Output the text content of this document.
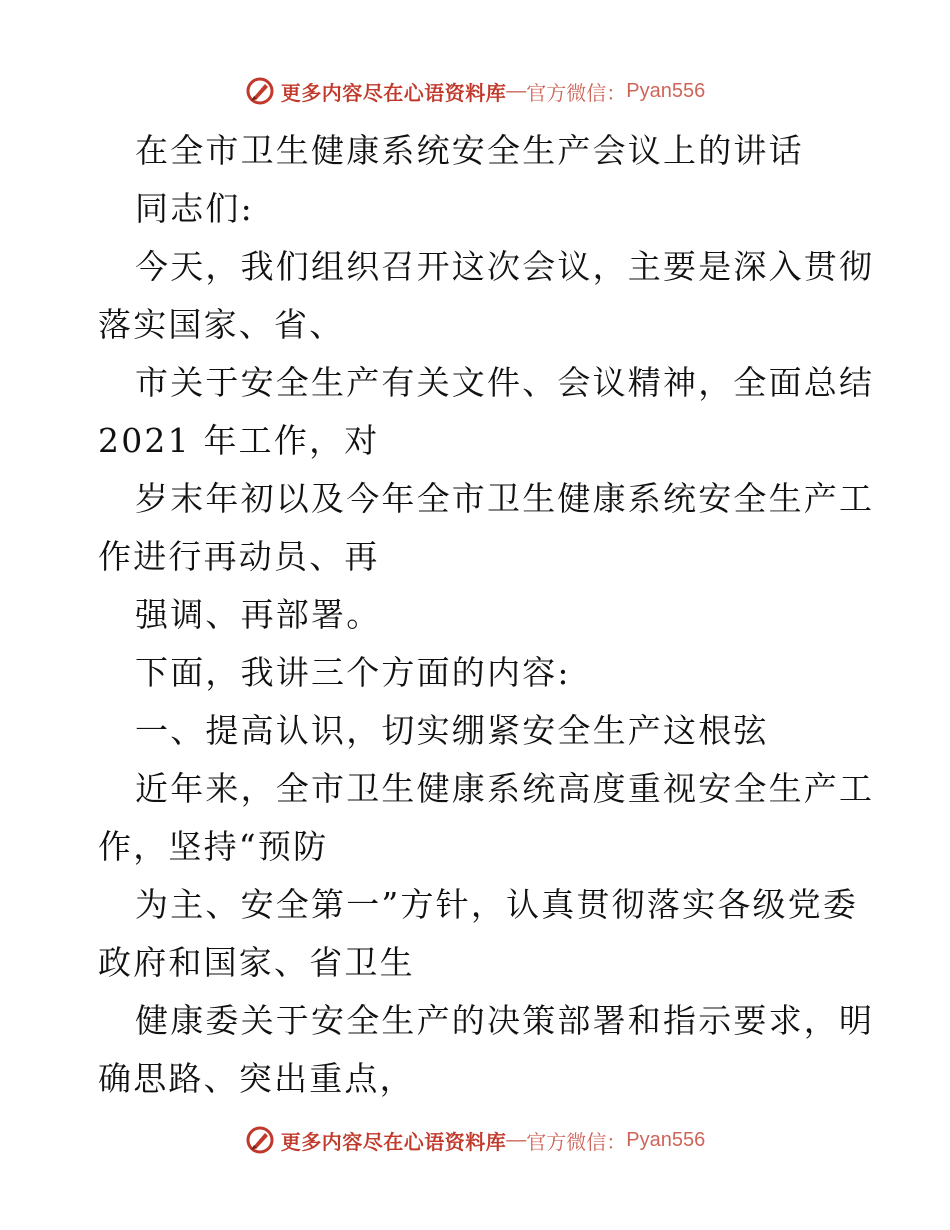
更多内容尽在心语资料库 — 官方微信： Pyan556
在全市卫生健康系统安全生产会议上的讲话
同志们:
今天，我们组织召开这次会议，主要是深入贯彻
落实国家、省、
市关于安全生产有关文件、会议精神，全面总结
2021 年工作，对
岁末年初以及今年全市卫生健康系统安全生产工
作进行再动员、再
强调、再部署。
下面，我讲三个方面的内容:
一、提高认识，切实绷紧安全生产这根弦
近年来，全市卫生健康系统高度重视安全生产工
作，坚持“预防
为主、安全第一”方针，认真贯彻落实各级党委
政府和国家、省卫生
健康委关于安全生产的决策部署和指示要求，明
确思路、突出重点，
更多内容尽在心语资料库 — 官方微信： Pyan556
